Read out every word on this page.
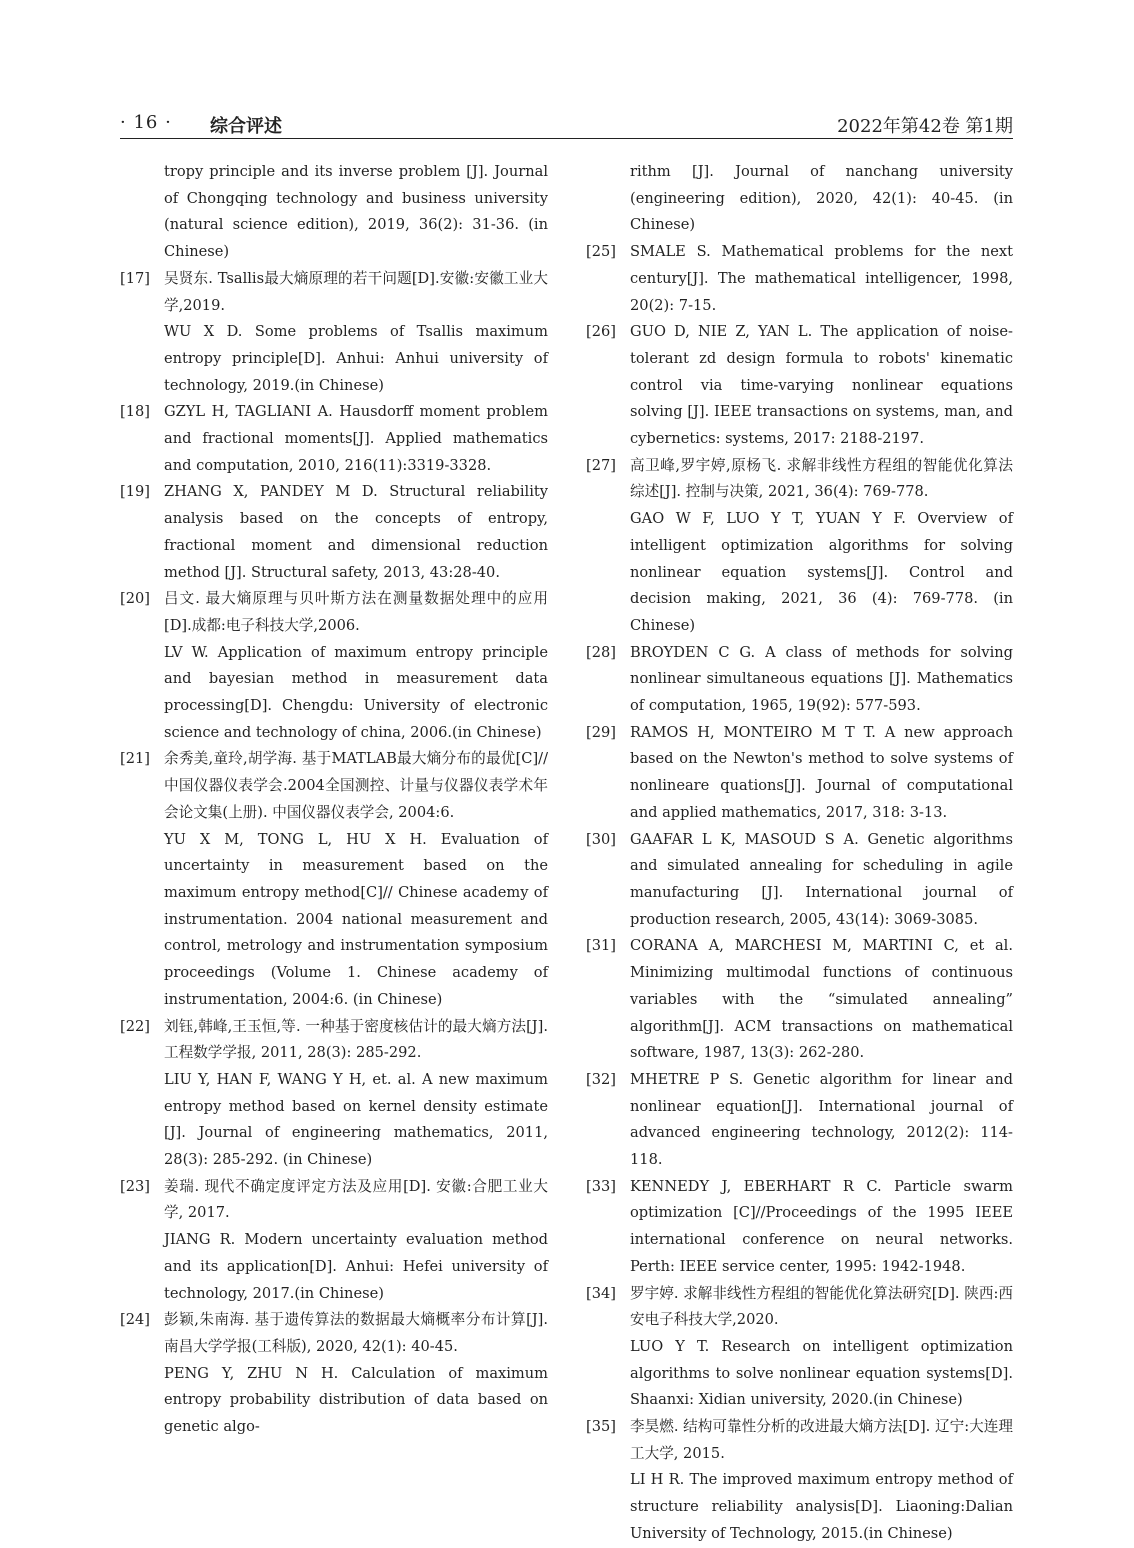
· 16 · 综合评述	2022年第42卷 第1期
tropy principle and its inverse problem [J]. Journal of Chongqing technology and business university (natural science edition), 2019, 36(2): 31-36. (in Chinese)
[17] 吴贤东. Tsallis最大熵原理的若干问题[D].安徽:安徽工业大学,2019.
WU X D. Some problems of Tsallis maximum entropy principle[D]. Anhui: Anhui university of technology, 2019.(in Chinese)
[18] GZYL H, TAGLIANI A. Hausdorff moment problem and fractional moments[J]. Applied mathematics and computation, 2010, 216(11):3319-3328.
[19] ZHANG X, PANDEY M D. Structural reliability analysis based on the concepts of entropy, fractional moment and dimensional reduction method [J]. Structural safety, 2013, 43:28-40.
[20] 吕文. 最大熵原理与贝叶斯方法在测量数据处理中的应用[D].成都:电子科技大学,2006.
LV W. Application of maximum entropy principle and bayesian method in measurement data processing[D]. Chengdu: University of electronic science and technology of china, 2006.(in Chinese)
[21] 余秀美,童玲,胡学海. 基于MATLAB最大熵分布的最优[C]//中国仪器仪表学会.2004全国测控、计量与仪器仪表学术年会论文集(上册). 中国仪器仪表学会, 2004:6.
YU X M, TONG L, HU X H. Evaluation of uncertainty in measurement based on the maximum entropy method[C]// Chinese academy of instrumentation. 2004 national measurement and control, metrology and instrumentation symposium proceedings (Volume 1. Chinese academy of instrumentation, 2004:6. (in Chinese)
[22] 刘钰,韩峰,王玉恒,等. 一种基于密度核估计的最大熵方法[J]. 工程数学学报, 2011, 28(3): 285-292.
LIU Y, HAN F, WANG Y H, et. al. A new maximum entropy method based on kernel density estimate [J]. Journal of engineering mathematics, 2011, 28(3): 285-292. (in Chinese)
[23] 姜瑞. 现代不确定度评定方法及应用[D]. 安徽:合肥工业大学, 2017.
JIANG R. Modern uncertainty evaluation method and its application[D]. Anhui: Hefei university of technology, 2017.(in Chinese)
[24] 彭颖,朱南海. 基于遗传算法的数据最大熵概率分布计算[J]. 南昌大学学报(工科版), 2020, 42(1): 40-45.
PENG Y, ZHU N H. Calculation of maximum entropy probability distribution of data based on genetic algo-
rithm [J]. Journal of nanchang university (engineering edition), 2020, 42(1): 40-45. (in Chinese)
[25] SMALE S. Mathematical problems for the next century[J]. The mathematical intelligencer, 1998, 20(2): 7-15.
[26] GUO D, NIE Z, YAN L. The application of noise-tolerant zd design formula to robots' kinematic control via time-varying nonlinear equations solving [J]. IEEE transactions on systems, man, and cybernetics: systems, 2017: 2188-2197.
[27] 高卫峰,罗宇婷,原杨飞. 求解非线性方程组的智能优化算法综述[J]. 控制与决策, 2021, 36(4): 769-778.
GAO W F, LUO Y T, YUAN Y F. Overview of intelligent optimization algorithms for solving nonlinear equation systems[J]. Control and decision making, 2021, 36 (4): 769-778. (in Chinese)
[28] BROYDEN C G. A class of methods for solving nonlinear simultaneous equations [J]. Mathematics of computation, 1965, 19(92): 577-593.
[29] RAMOS H, MONTEIRO M T T. A new approach based on the Newton's method to solve systems of nonlineare quations[J]. Journal of computational and applied mathematics, 2017, 318: 3-13.
[30] GAAFAR L K, MASOUD S A. Genetic algorithms and simulated annealing for scheduling in agile manufacturing [J]. International journal of production research, 2005, 43(14): 3069-3085.
[31] CORANA A, MARCHESI M, MARTINI C, et al. Minimizing multimodal functions of continuous variables with the “simulated annealing” algorithm[J]. ACM transactions on mathematical software, 1987, 13(3): 262-280.
[32] MHETRE P S. Genetic algorithm for linear and nonlinear equation[J]. International journal of advanced engineering technology, 2012(2): 114-118.
[33] KENNEDY J, EBERHART R C. Particle swarm optimization [C]//Proceedings of the 1995 IEEE international conference on neural networks. Perth: IEEE service center, 1995: 1942-1948.
[34] 罗宇婷. 求解非线性方程组的智能优化算法研究[D]. 陕西:西安电子科技大学,2020.
LUO Y T. Research on intelligent optimization algorithms to solve nonlinear equation systems[D]. Shaanxi: Xidian university, 2020.(in Chinese)
[35] 李昊燃. 结构可靠性分析的改进最大熵方法[D]. 辽宁:大连理工大学, 2015.
LI H R. The improved maximum entropy method of structure reliability analysis[D]. Liaoning:Dalian University of Technology, 2015.(in Chinese)
